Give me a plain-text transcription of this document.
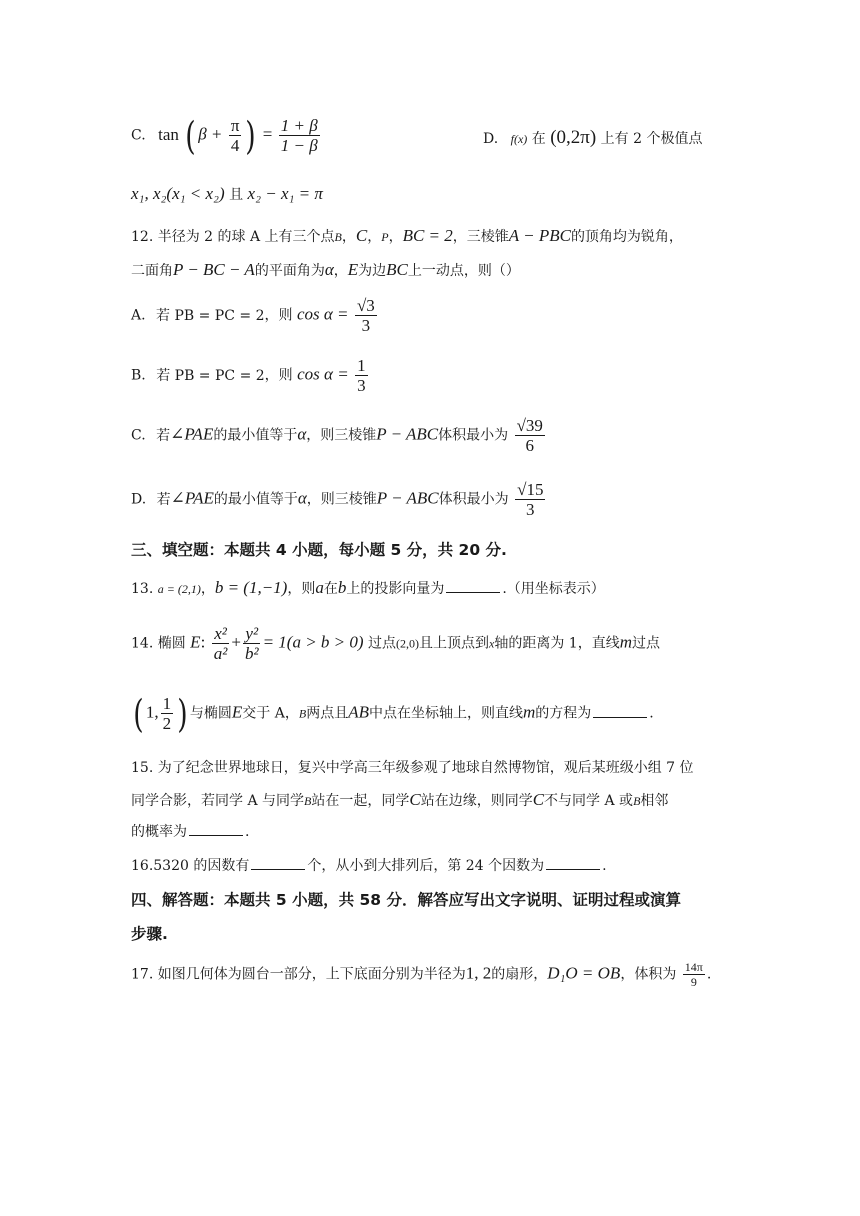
C. tan ( $\beta + \frac{\pi}{4}$ ) = $\frac{1 + \beta}{1 - \beta}$	D. f(x) 在 (0,2π) 上有 2 个极值点
x₁, x₂(x₁ < x₂) 且 x₂ − x₁ = π
12. 半径为 2 的球 A 上有三个点B，C，P，BC = 2，三棱锥A − PBC的顶角均为锐角，
二面角P − BC − A的平面角为α，E为边BC上一动点，则（）
A. 若 PB = PC = 2，则 $\cos \alpha = \frac{√3}{3}$
B. 若 PB = PC = 2，则 $\cos \alpha = \frac{1}{3}$
C. 若∠PAE的最小值等于α，则三棱锥P − ABC体积最小为 $\frac{√39}{6}$
D. 若∠PAE的最小值等于α，则三棱锥P − ABC体积最小为 $\frac{√15}{3}$
三、填空题：本题共 4 小题，每小题 5 分，共 20 分.
13. a = (2,1)，b = (1,−1)，则a在b上的投影向量为	.（用坐标表示）
14. 椭圆 E: $\frac{\text{x²}}{\text{a²}} + \frac{\text{y²}}{\text{b²}} = 1(a > b > 0)$ 过点(2,0)且上顶点到x轴的距离为 1，直线m过点
( 1, $\frac{1}{2}$ ) 与椭圆E交于 A，B两点且AB中点在坐标轴上，则直线m的方程为	.
15. 为了纪念世界地球日，复兴中学高三年级参观了地球自然博物馆，观后某班级小组 7 位
同学合影，若同学 A 与同学B站在一起，同学C站在边缘，则同学C不与同学 A 或B相邻
的概率为	.
16.5320 的因数有	个，从小到大排列后，第 24 个因数为	.
四、解答题：本题共 5 小题，共 58 分．解答应写出文字说明、证明过程或演算
步骤.
17. 如图几何体为圆台一部分，上下底面分别为半径为1, 2的扇形，D₁O = OB，体积为 $\frac{14\pi}{9}$ .
